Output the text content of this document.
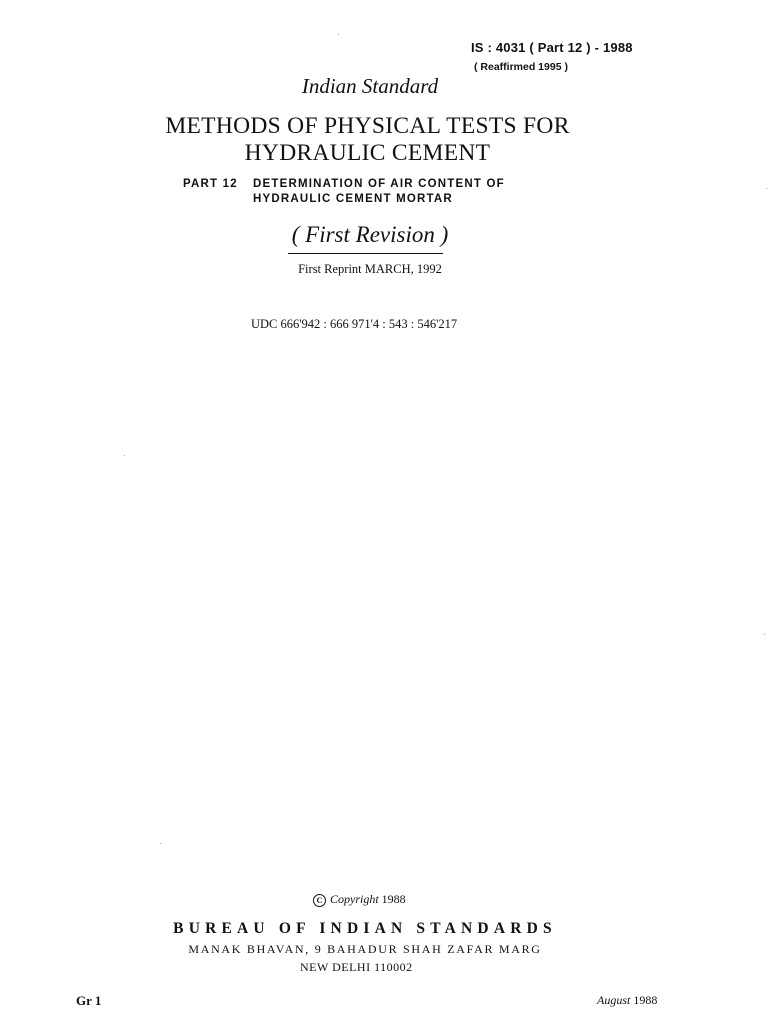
IS : 4031 ( Part 12 ) - 1988
( Reaffirmed 1995 )
Indian Standard
METHODS OF PHYSICAL TESTS FOR
HYDRAULIC CEMENT
PART 12 DETERMINATION OF AIR CONTENT OF
HYDRAULIC CEMENT MORTAR
( First Revision )
First Reprint MARCH, 1992
UDC 666'942 : 666 971'4 : 543 : 546'217
C Copyright 1988
BUREAU OF INDIAN STANDARDS
MANAK BHAVAN, 9 BAHADUR SHAH ZAFAR MARG
NEW DELHI 110002
Gr 1	August 1988
